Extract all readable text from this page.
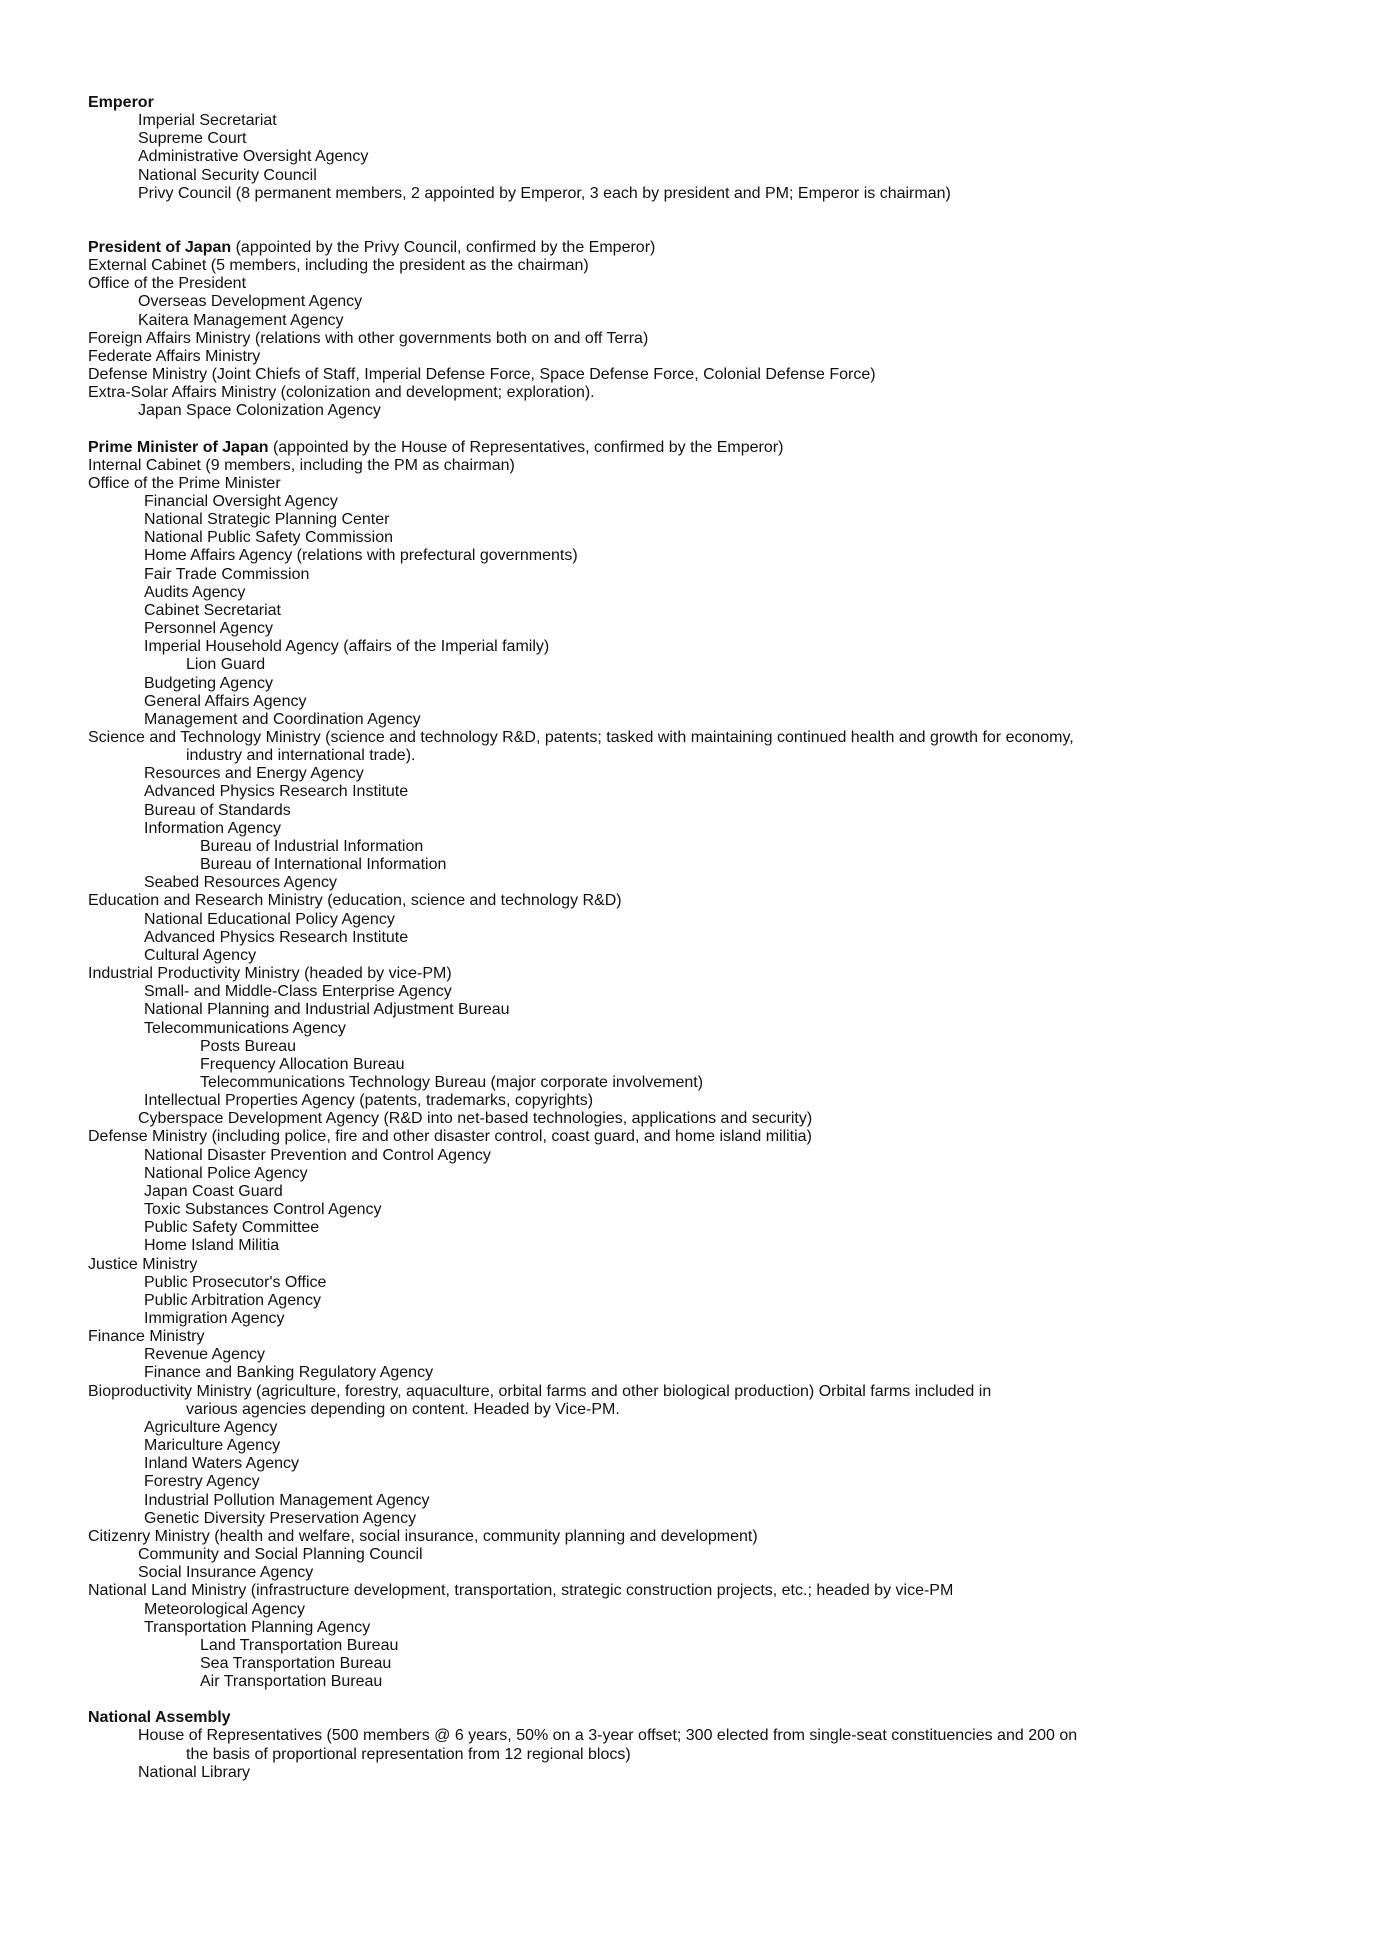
Emperor
Imperial Secretariat
Supreme Court
Administrative Oversight Agency
National Security Council
Privy Council (8 permanent members, 2 appointed by Emperor, 3 each by president and PM; Emperor is chairman)
President of Japan (appointed by the Privy Council, confirmed by the Emperor)
External Cabinet (5 members, including the president as the chairman)
Office of the President
Overseas Development Agency
Kaitera Management Agency
Foreign Affairs Ministry (relations with other governments both on and off Terra)
Federate Affairs Ministry
Defense Ministry (Joint Chiefs of Staff, Imperial Defense Force, Space Defense Force, Colonial Defense Force)
Extra-Solar Affairs Ministry (colonization and development; exploration).
Japan Space Colonization Agency
Prime Minister of Japan (appointed by the House of Representatives, confirmed by the Emperor)
Internal Cabinet (9 members, including the PM as chairman)
Office of the Prime Minister
Financial Oversight Agency
National Strategic Planning Center
National Public Safety Commission
Home Affairs Agency (relations with prefectural governments)
Fair Trade Commission
Audits Agency
Cabinet Secretariat
Personnel Agency
Imperial Household Agency (affairs of the Imperial family)
Lion Guard
Budgeting Agency
General Affairs Agency
Management and Coordination Agency
Science and Technology Ministry (science and technology R&D, patents; tasked with maintaining continued health and growth for economy,
industry and international trade).
Resources and Energy Agency
Advanced Physics Research Institute
Bureau of Standards
Information Agency
Bureau of Industrial Information
Bureau of International Information
Seabed Resources Agency
Education and Research Ministry (education, science and technology R&D)
National Educational Policy Agency
Advanced Physics Research Institute
Cultural Agency
Industrial Productivity Ministry (headed by vice-PM)
Small- and Middle-Class Enterprise Agency
National Planning and Industrial Adjustment Bureau
Telecommunications Agency
Posts Bureau
Frequency Allocation Bureau
Telecommunications Technology Bureau (major corporate involvement)
Intellectual Properties Agency (patents, trademarks, copyrights)
Cyberspace Development Agency (R&D into net-based technologies, applications and security)
Defense Ministry (including police, fire and other disaster control, coast guard, and home island militia)
National Disaster Prevention and Control Agency
National Police Agency
Japan Coast Guard
Toxic Substances Control Agency
Public Safety Committee
Home Island Militia
Justice Ministry
Public Prosecutor's Office
Public Arbitration Agency
Immigration Agency
Finance Ministry
Revenue Agency
Finance and Banking Regulatory Agency
Bioproductivity Ministry (agriculture, forestry, aquaculture, orbital farms and other biological production) Orbital farms included in
various agencies depending on content. Headed by Vice-PM.
Agriculture Agency
Mariculture Agency
Inland Waters Agency
Forestry Agency
Industrial Pollution Management Agency
Genetic Diversity Preservation Agency
Citizenry Ministry (health and welfare, social insurance, community planning and development)
Community and Social Planning Council
Social Insurance Agency
National Land Ministry (infrastructure development, transportation, strategic construction projects, etc.; headed by vice-PM
Meteorological Agency
Transportation Planning Agency
Land Transportation Bureau
Sea Transportation Bureau
Air Transportation Bureau
National Assembly
House of Representatives (500 members @ 6 years, 50% on a 3-year offset; 300 elected from single-seat constituencies and 200 on
the basis of proportional representation from 12 regional blocs)
National Library
